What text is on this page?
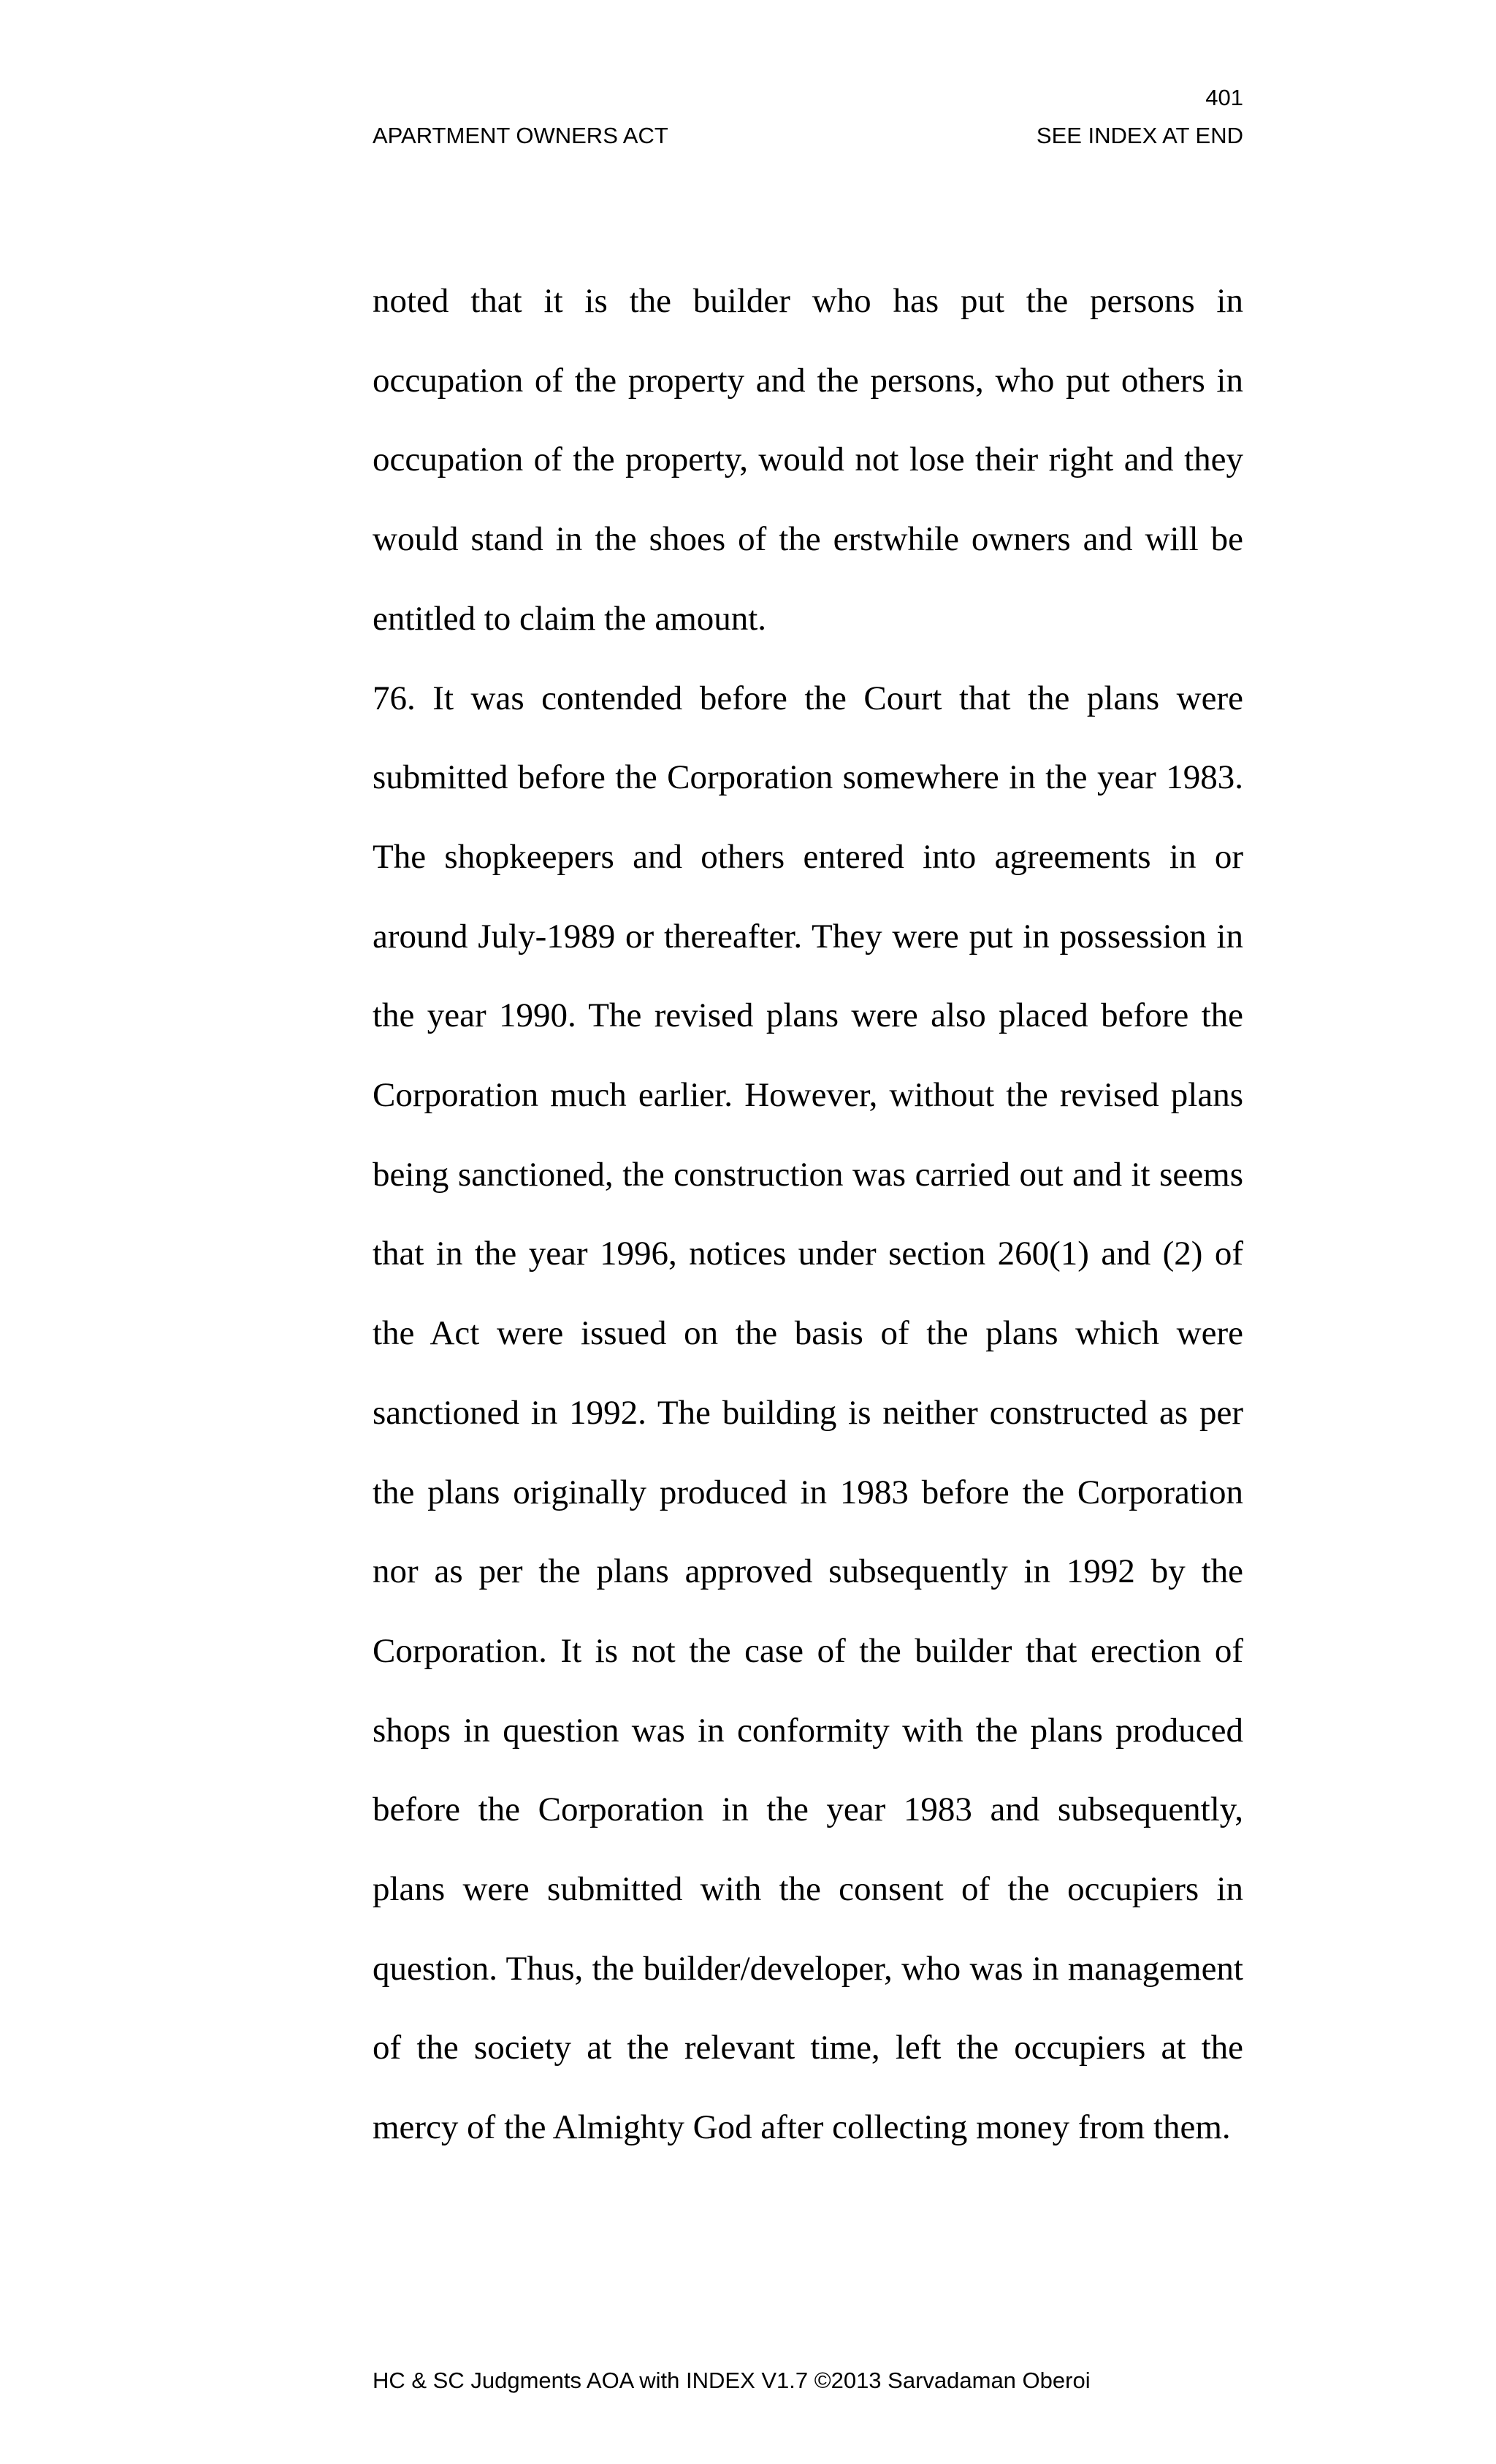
401
APARTMENT OWNERS ACT	SEE INDEX AT END

noted that it is the builder who has put the persons in occupation of the property and the persons, who put others in occupation of the property, would not lose their right and they would stand in the shoes of the erstwhile owners and will be entitled to claim the amount.

76. It was contended before the Court that the plans were submitted before the Corporation somewhere in the year 1983. The shopkeepers and others entered into agreements in or around July-1989 or thereafter. They were put in possession in the year 1990. The revised plans were also placed before the Corporation much earlier. However, without the revised plans being sanctioned, the construction was carried out and it seems that in the year 1996, notices under section 260(1) and (2) of the Act were issued on the basis of the plans which were sanctioned in 1992. The building is neither constructed as per the plans originally produced in 1983 before the Corporation nor as per the plans approved subsequently in 1992 by the Corporation. It is not the case of the builder that erection of shops in question was in conformity with the plans produced before the Corporation in the year 1983 and subsequently, plans were submitted with the consent of the occupiers in question. Thus, the builder/developer, who was in management of the society at the relevant time, left the occupiers at the mercy of the Almighty God after collecting money from them.

HC & SC Judgments AOA with INDEX V1.7 ©2013 Sarvadaman Oberoi
